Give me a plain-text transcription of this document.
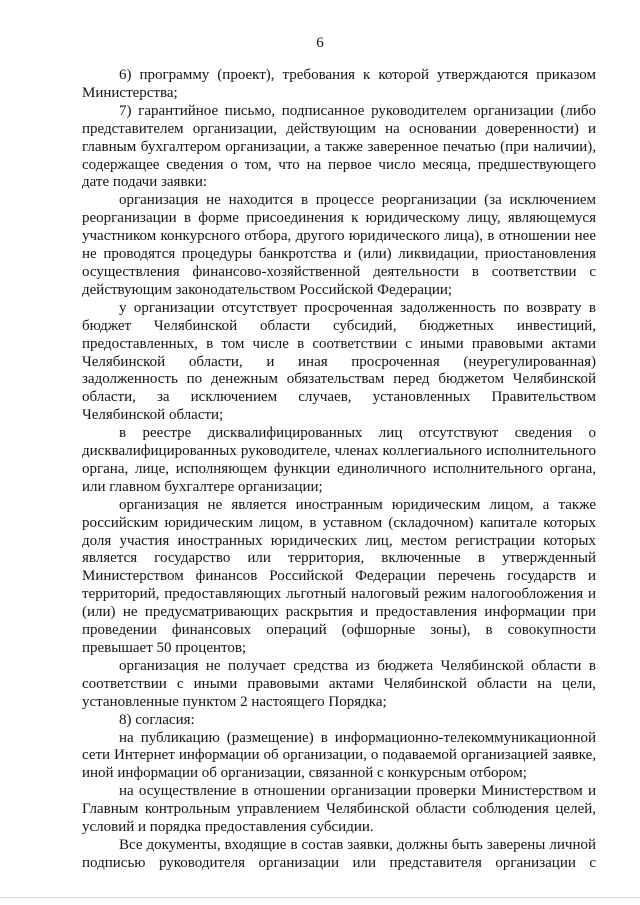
6

6) программу (проект), требования к которой утверждаются приказом Министерства;

7) гарантийное письмо, подписанное руководителем организации (либо представителем организации, действующим на основании доверенности) и главным бухгалтером организации, а также заверенное печатью (при наличии), содержащее сведения о том, что на первое число месяца, предшествующего дате подачи заявки:

организация не находится в процессе реорганизации (за исключением реорганизации в форме присоединения к юридическому лицу, являющемуся участником конкурсного отбора, другого юридического лица), в отношении нее не проводятся процедуры банкротства и (или) ликвидации, приостановления осуществления финансово-хозяйственной деятельности в соответствии с действующим законодательством Российской Федерации;

у организации отсутствует просроченная задолженность по возврату в бюджет Челябинской области субсидий, бюджетных инвестиций, предоставленных, в том числе в соответствии с иными правовыми актами Челябинской области, и иная просроченная (неурегулированная) задолженность по денежным обязательствам перед бюджетом Челябинской области, за исключением случаев, установленных Правительством Челябинской области;

в реестре дисквалифицированных лиц отсутствуют сведения о дисквалифицированных руководителе, членах коллегиального исполнительного органа, лице, исполняющем функции единоличного исполнительного органа, или главном бухгалтере организации;

организация не является иностранным юридическим лицом, а также российским юридическим лицом, в уставном (складочном) капитале которых доля участия иностранных юридических лиц, местом регистрации которых является государство или территория, включенные в утвержденный Министерством финансов Российской Федерации перечень государств и территорий, предоставляющих льготный налоговый режим налогообложения и (или) не предусматривающих раскрытия и предоставления информации при проведении финансовых операций (офшорные зоны), в совокупности превышает 50 процентов;

организация не получает средства из бюджета Челябинской области в соответствии с иными правовыми актами Челябинской области на цели, установленные пунктом 2 настоящего Порядка;

8) согласия:

на публикацию (размещение) в информационно-телекоммуникационной сети Интернет информации об организации, о подаваемой организацией заявке, иной информации об организации, связанной с конкурсным отбором;

на осуществление в отношении организации проверки Министерством и Главным контрольным управлением Челябинской области соблюдения целей, условий и порядка предоставления субсидии.

Все документы, входящие в состав заявки, должны быть заверены личной подписью руководителя организации или представителя организации с
